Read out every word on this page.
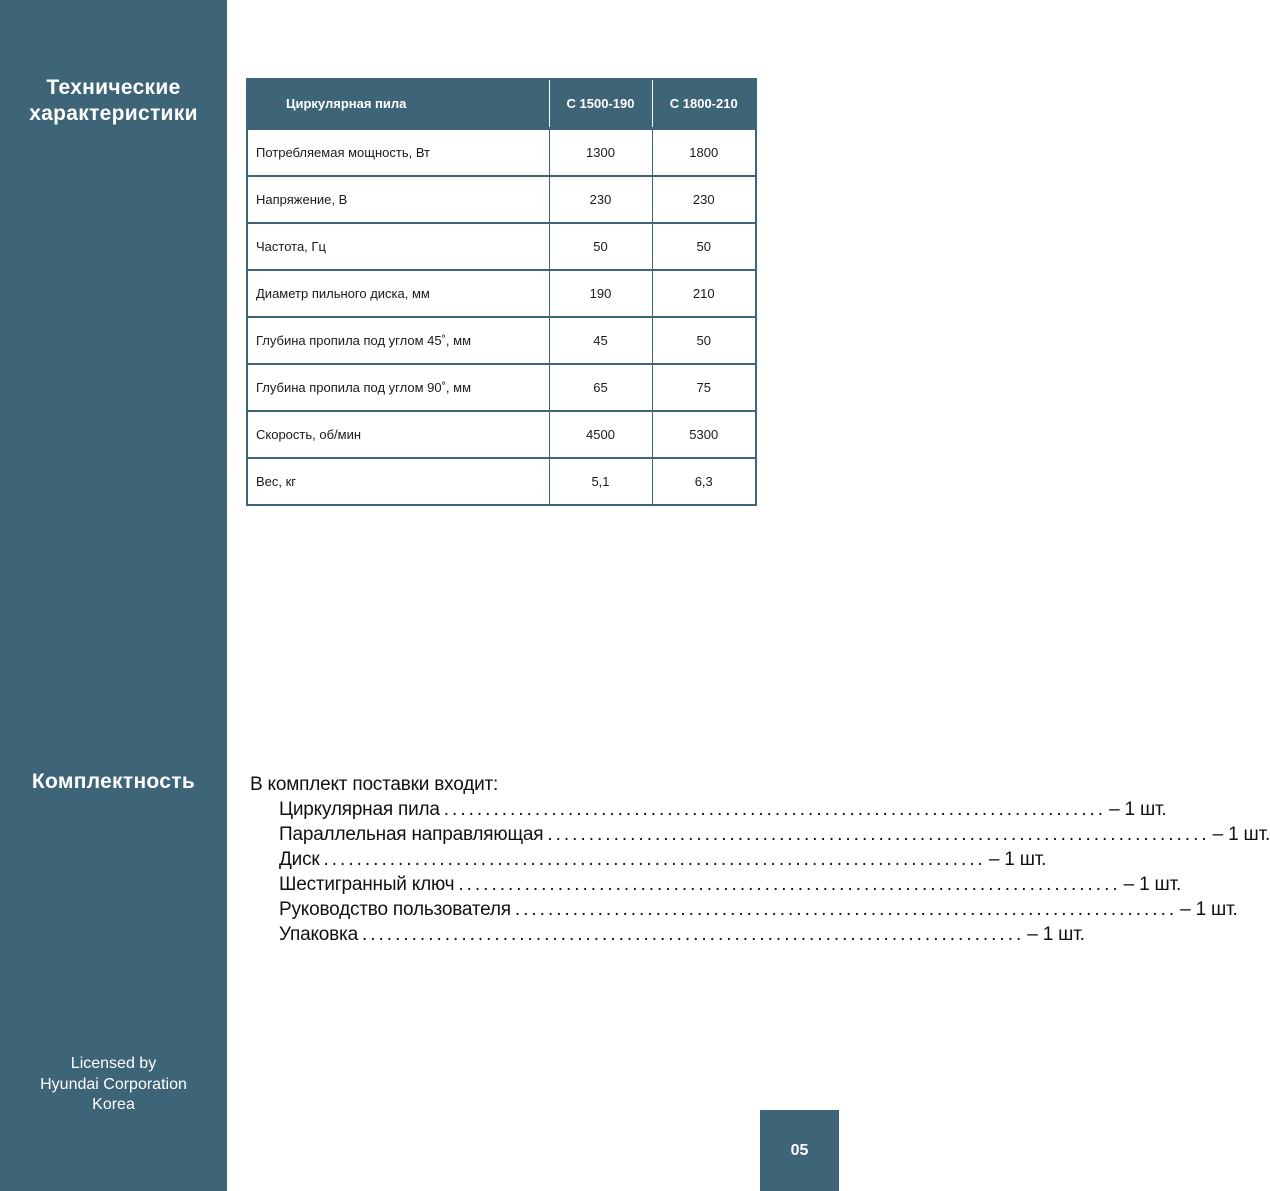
Технические
характеристики
Комплектность
Licensed by
Hyundai Corporation
Korea
Циркулярная пила	С 1500-190	С 1800-210
Потребляемая мощность, Вт	1300	1800
Напряжение, В	230	230
Частота, Гц	50	50
Диаметр пильного диска, мм	190	210
Глубина пропила под углом 45˚, мм	45	50
Глубина пропила под углом 90˚, мм	65	75
Скорость, об/мин	4500	5300
Вес, кг	5,1	6,3
В комплект поставки входит:
Циркулярная пила ................................................................................ – 1 шт.
Параллельная направляющая ................................................................................ – 1 шт.
Диск ................................................................................ – 1 шт.
Шестигранный ключ ................................................................................ – 1 шт.
Руководство пользователя ................................................................................ – 1 шт.
Упаковка ................................................................................ – 1 шт.
05
